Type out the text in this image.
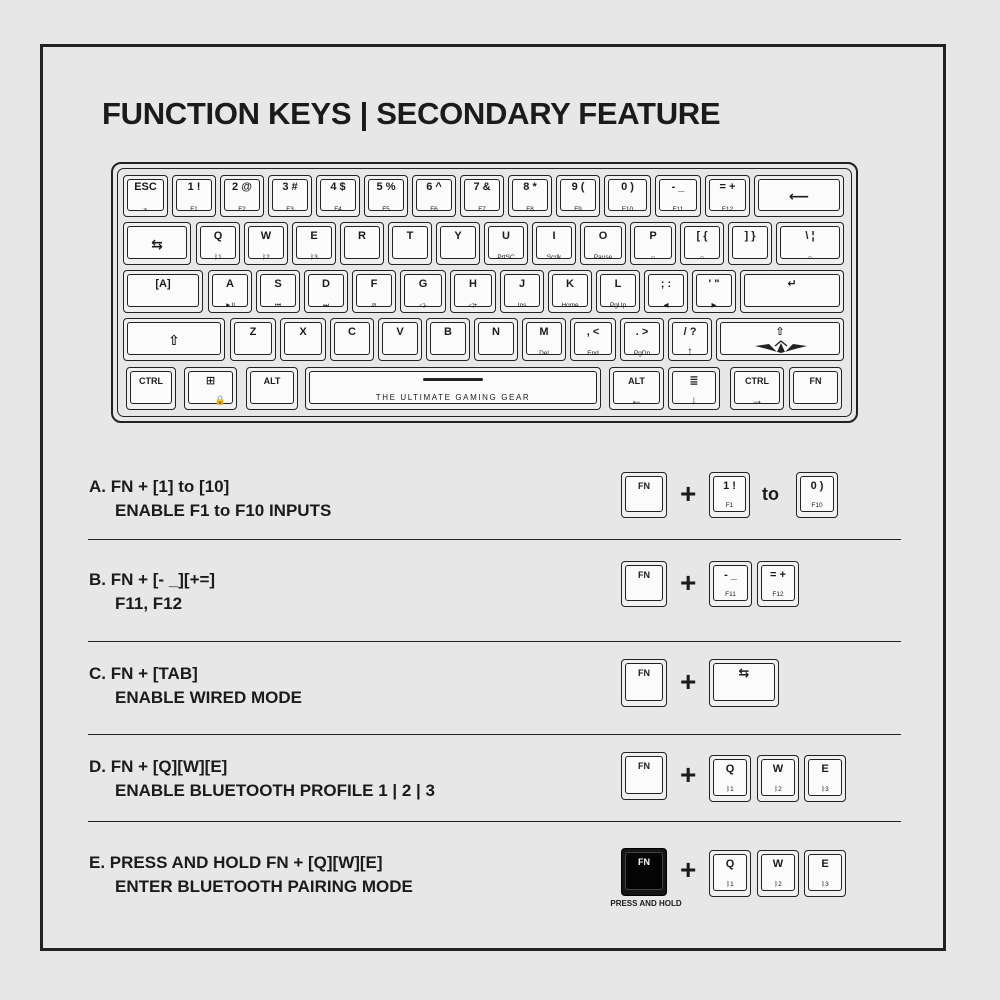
FUNCTION KEYS | SECONDARY FEATURE
ESC
⌁
1 !
F1
2 @
F2
3 #
F3
4 $
F4
5 %
F5
6 ^
F6
7 &
F7
8 *
F8
9 (
F9
0 )
F10
- _
F11
= +
F12
⟵
⇆	Q
ᛒ1
W
ᛒ2
E
ᛒ3
R	T	Y	U
PrtSC
I
Scrlk
O
Pause
P
☼
[ {
☼
] }	\ ¦
☼
[A]	A
►II
S
⏮
D
⏭
F
⊘
G
◁-
H
◁+
J
Ins
K
Home
L
PgUp
; :
◀
' "
▶
↵
⇧	Z	X	C	V	B	N	M
Del
, <
End
. >
PgDn
/ ?
↑
⇧
CTRL	⊞
🔒
ALT
THE ULTIMATE GAMING GEAR
ALT
←
≣
↓
CTRL
→
FN
A. FN + [1] to [10]
ENABLE F1 to F10 INPUTS
FN	+	1 !
F1
to	0 )
F10
B. FN + [- _][+=]
F11, F12
FN	+	- _
F11
= +
F12
C. FN + [TAB]
ENABLE WIRED MODE
FN	+	⇆
D. FN + [Q][W][E]
ENABLE BLUETOOTH PROFILE 1 | 2 | 3
FN	+	Q
ᛒ1
W
ᛒ2
E
ᛒ3
E. PRESS AND HOLD FN + [Q][W][E]
ENTER BLUETOOTH PAIRING MODE
FN
PRESS AND HOLD
+	Q
ᛒ1
W
ᛒ2
E
ᛒ3
